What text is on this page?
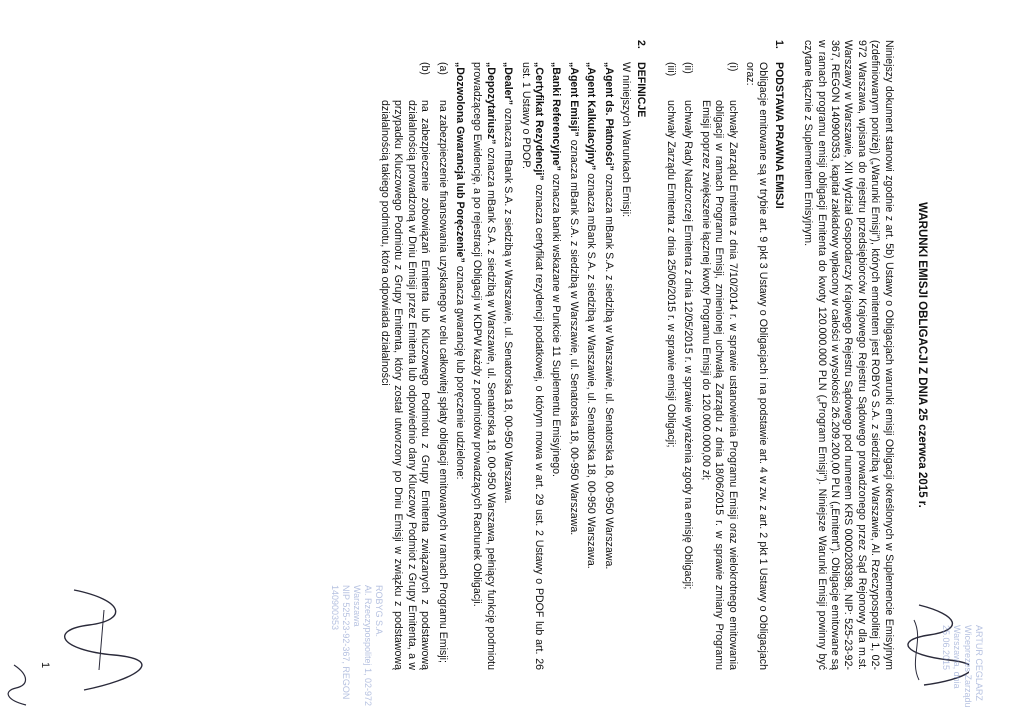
ARTUR CEGLARZ
Wiceprezes Zarządu
Warszawa, dnia 25.06.2015
ROBYG S.A.
Al. Rzeczypospolitej 1, 02-972 Warszawa
NIP 525-23-92-367, REGON 140900353
WARUNKI EMISJI OBLIGACJI Z DNIA 25 czerwca 2015 r.

Niniejszy dokument stanowi zgodnie z art. 5b) Ustawy o Obligacjach warunki emisji Obligacji określonych w Suplemencie Emisyjnym (zdefiniowanym poniżej) („Warunki Emisji”), których emitentem jest ROBYG S.A. z siedzibą w Warszawie, Al. Rzeczypospolitej 1, 02-972 Warszawa, wpisana do rejestru przedsiębiorców Krajowego Rejestru Sądowego prowadzonego przez Sąd Rejonowy dla m.st. Warszawy w Warszawie, XII Wydział Gospodarczy Krajowego Rejestru Sądowego pod numerem KRS 0000208398, NIP: 525-23-92-367, REGON 140900353, kapitał zakładowy wpłacony w całości w wysokości 26.209.200,00 PLN („Emitent”). Obligacje emitowane są w ramach programu emisji obligacji Emitenta do kwoty 120.000.000 PLN („Program Emisji”). Niniejsze Warunki Emisji powinny być czytane łącznie z Suplementem Emisyjnym.

1.
PODSTAWA PRAWNA EMISJI

Obligacje emitowane są w trybie art. 9 pkt 3 Ustawy o Obligacjach i na podstawie art. 4 w zw. z art. 2 pkt 1 Ustawy o Obligacjach oraz:

(i)

uchwały Zarządu Emitenta z dnia 7/10/2014 r. w sprawie ustanowienia Programu Emisji oraz wielokrotnego emitowania obligacji w ramach Programu Emisji, zmienionej uchwałą Zarządu z dnia 18/06/2015 r. w sprawie zmiany Programu Emisji poprzez zwiększenie łącznej kwoty Programu Emisji do 120.000.000,00 zł;

(ii)

uchwały Rady Nadzorczej Emitenta z dnia 12/05/2015 r. w sprawie wyrażenia zgody na emisję Obligacji;

(iii)

uchwały Zarządu Emitenta z dnia 25/06/2015 r. w sprawie emisji Obligacji;

2.
DEFINICJE

W niniejszych Warunkach Emisji:

„Agent ds. Płatności” oznacza mBank S.A. z siedzibą w Warszawie, ul. Senatorska 18, 00-950 Warszawa.

„Agent Kalkulacyjny” oznacza mBank S.A. z siedzibą w Warszawie, ul. Senatorska 18, 00-950 Warszawa.

„Agent Emisji” oznacza mBank S.A. z siedzibą w Warszawie, ul. Senatorska 18, 00-950 Warszawa.

„Banki Referencyjne” oznacza banki wskazane w Punkcie 11 Suplementu Emisyjnego.

„Certyfikat Rezydencji” oznacza certyfikat rezydencji podatkowej, o którym mowa w art. 29 ust. 2 Ustawy o PDOF lub art. 26 ust. 1 Ustawy o PDOP.

„Dealer” oznacza mBank S.A. z siedzibą w Warszawie, ul. Senatorska 18, 00-950 Warszawa.

„Depozytariusz” oznacza mBank S.A. z siedzibą w Warszawie, ul. Senatorska 18, 00-950 Warszawa, pełniący funkcję podmiotu prowadzącego Ewidencję, a po rejestracji Obligacji w KDPW każdy z podmiotów prowadzących Rachunek Obligacji.

„Dozwolona Gwarancja lub Poręczenie” oznacza gwarancję lub poręczenie udzielone:

(a)

na zabezpieczenie finansowania uzyskanego w celu całkowitej spłaty obligacji emitowanych w ramach Programu Emisji;

(b)

na zabezpieczenie zobowiązań Emitenta lub Kluczowego Podmiotu z Grupy Emitenta związanych z podstawową działalnością prowadzoną w Dniu Emisji przez Emitenta lub odpowiednio dany Kluczowy Podmiot z Grupy Emitenta, a w przypadku Kluczowego Podmiotu z Grupy Emitenta, który został utworzony po Dniu Emisji w związku z podstawową działalnością takiego podmiotu, która odpowiada działalności

1
